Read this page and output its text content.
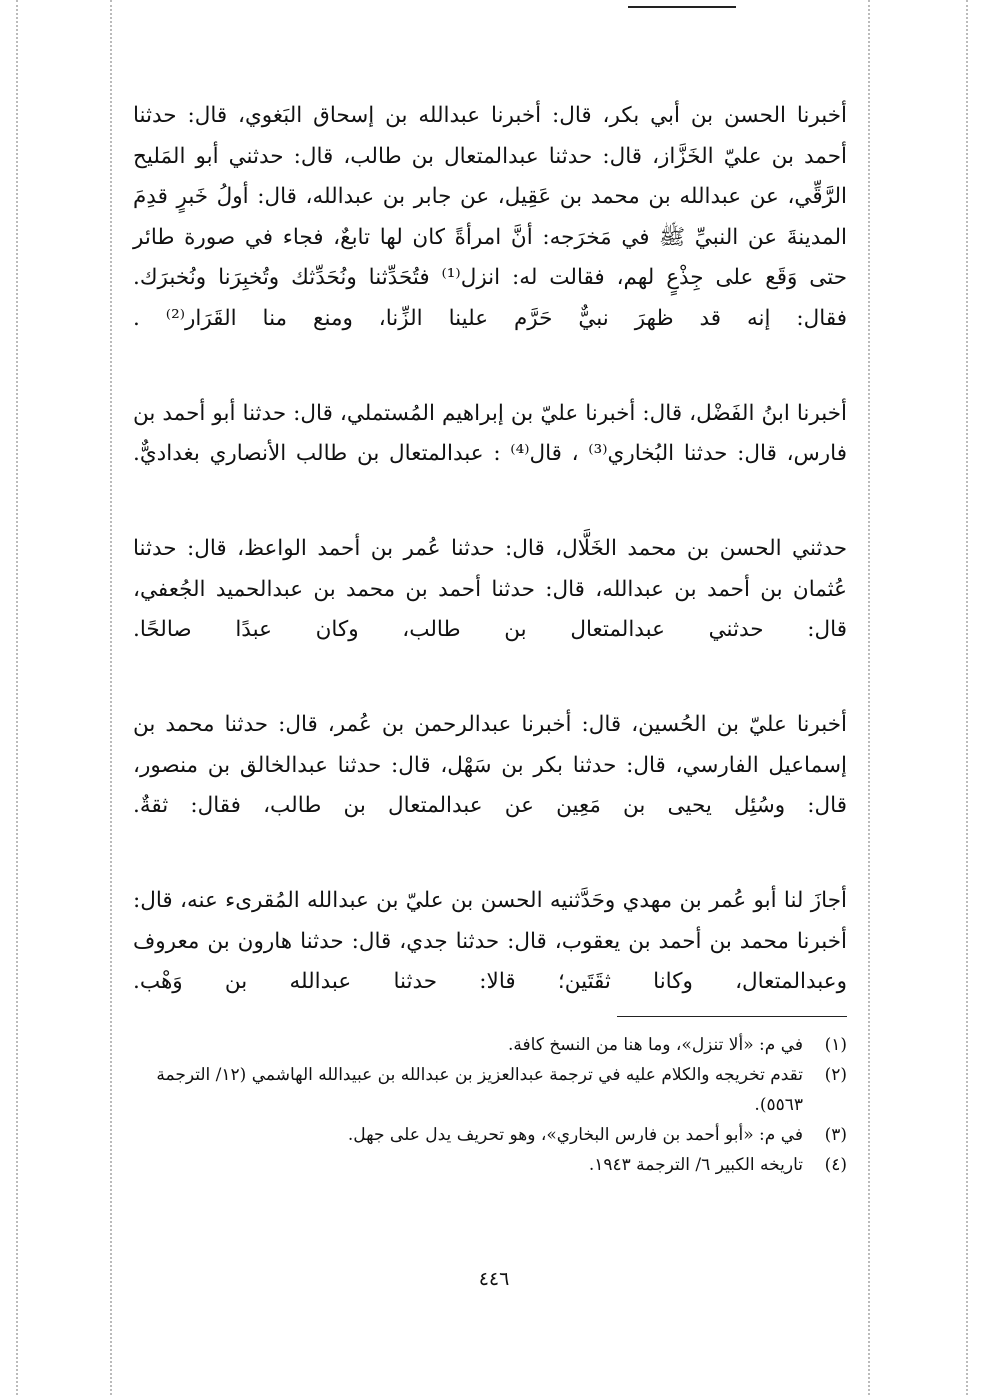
أخبرنا الحسن بن أبي بكر، قال: أخبرنا عبدالله بن إسحاق البَغوي، قال: حدثنا أحمد بن عليّ الخَزَّاز، قال: حدثنا عبدالمتعال بن طالب، قال: حدثني أبو المَليح الرَّقِّي، عن عبدالله بن محمد بن عَقِيل، عن جابر بن عبدالله، قال: أولُ خَبرٍ قدِمَ المدينةَ عن النبيِّ ﷺ في مَخرَجه: أنَّ امرأةً كان لها تابعٌ، فجاء في صورة طائر حتى وَقَع على جِذْعٍ لهم، فقالت له: انزل⁽¹⁾ فتُحَدِّثنا ونُحَدِّثك وتُخبِرَنا ونُخبرَك. فقال: إنه قد ظهرَ نبيٌّ حَرَّم علينا الزِّنا، ومنع منا القَرَار⁽²⁾ .

أخبرنا ابنُ الفَضْل، قال: أخبرنا عليّ بن إبراهيم المُستملي، قال: حدثنا أبو أحمد بن فارس، قال: حدثنا البُخاري⁽³⁾ ، قال⁽⁴⁾ : عبدالمتعال بن طالب الأنصاري بغداديٌّ.

حدثني الحسن بن محمد الخَلَّال، قال: حدثنا عُمر بن أحمد الواعظ، قال: حدثنا عُثمان بن أحمد بن عبدالله، قال: حدثنا أحمد بن محمد بن عبدالحميد الجُعفي، قال: حدثني عبدالمتعال بن طالب، وكان عبدًا صالحًا.

أخبرنا عليّ بن الحُسين، قال: أخبرنا عبدالرحمن بن عُمر، قال: حدثنا محمد بن إسماعيل الفارسي، قال: حدثنا بكر بن سَهْل، قال: حدثنا عبدالخالق بن منصور، قال: وسُئِل يحيى بن مَعِين عن عبدالمتعال بن طالب، فقال: ثقةٌ.

أجازَ لنا أبو عُمر بن مهدي وحَدَّثنيه الحسن بن عليّ بن عبدالله المُقرىء عنه، قال: أخبرنا محمد بن أحمد بن يعقوب، قال: حدثنا جدي، قال: حدثنا هارون بن معروف وعبدالمتعال، وكانا ثقَتَين؛ قالا: حدثنا عبدالله بن وَهْب.

(١)
في م: «ألا تنزل»، وما هنا من النسخ كافة.

(٢)
تقدم تخريجه والكلام عليه في ترجمة عبدالعزيز بن عبدالله بن عبيدالله الهاشمي (١٢/ الترجمة ٥٥٦٣).

(٣)
في م: «أبو أحمد بن فارس البخاري»، وهو تحريف يدل على جهل.

(٤)
تاريخه الكبير ٦/ الترجمة ١٩٤٣.

٤٤٦
